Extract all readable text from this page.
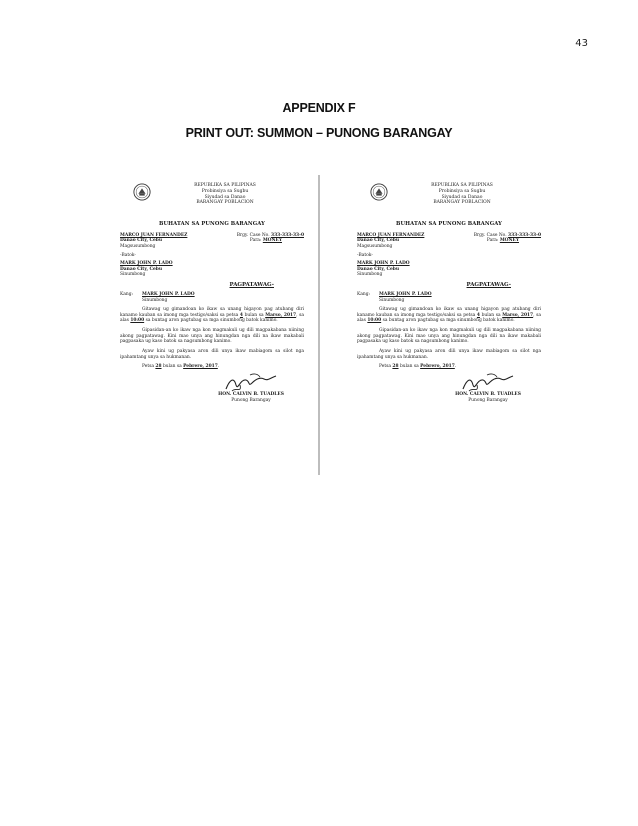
43
APPENDIX F
PRINT OUT: SUMMON – PUNONG BARANGAY
REPUBLIKA SA PILIPINAS
Probinsiya sa Sugbu
Siyudad sa Danao
BARANGAY POBLACION
BUHATAN SA PUNONG BARANGAY
MARCO JUAN FERNANDEZ	Brgy. Case No. 333-333-33-0
Danao City, Cebu	Para: MONEY
Magsusumbong
-Batok-
MARK JOHN P. LADO
Danao City, Cebu
Sinumbong
PAGPATAWAG-
Kang:	MARK JOHN P. LADO
Sinumbong
Gitawag ug gimandoan ko ikaw sa unang higayon pag atubang diri kanamo kauban sa imong mga testigo/saksi sa petsa 4 bulan sa Marso, 2017, sa alas 10:00 sa buntag aron pagtubag sa mga sinumbong batok kanimo.
Gipasidan-an ko ikaw nga kon magmakuli ug dili magpakabana niining akong pagpatawag. Kini mao unya ang hinungdan nga dili na ikaw makabali pagpasaka ug kaso batok sa nagsumbong kanimo.
Ayaw kini ug pakyasa aron dili unya ikaw mabiagom sa silot nga ipahamtang unya sa hukmanan.
Petsa 28 bulan sa Pebrero, 2017.
HON. CALVIN B. TUADLES
Punong Barangay
REPUBLIKA SA PILIPINAS
Probinsiya sa Sugbu
Siyudad sa Danao
BARANGAY POBLACION
BUHATAN SA PUNONG BARANGAY
MARCO JUAN FERNANDEZ	Brgy. Case No. 333-333-33-0
Danao City, Cebu	Para: MONEY
Magsusumbong
-Batok-
MARK JOHN P. LADO
Danao City, Cebu
Sinumbong
PAGPATAWAG-
Kang:	MARK JOHN P. LADO
Sinumbong
Gitawag ug gimandoan ko ikaw sa unang higayon pag atubang diri kanamo kauban sa imong mga testigo/saksi sa petsa 4 bulan sa Marso, 2017, sa alas 10:00 sa buntag aron pagtubag sa mga sinumbong batok kanimo.
Gipasidan-an ko ikaw nga kon magmakuli ug dili magpakabana niining akong pagpatawag. Kini mao unya ang hinungdan nga dili na ikaw makabali pagpasaka ug kaso batok sa nagsumbong kanimo.
Ayaw kini ug pakyasa aron dili unya ikaw mabiagom sa silot nga ipahamtang unya sa hukmanan.
Petsa 28 bulan sa Pebrero, 2017.
HON. CALVIN B. TUADLES
Punong Barangay
